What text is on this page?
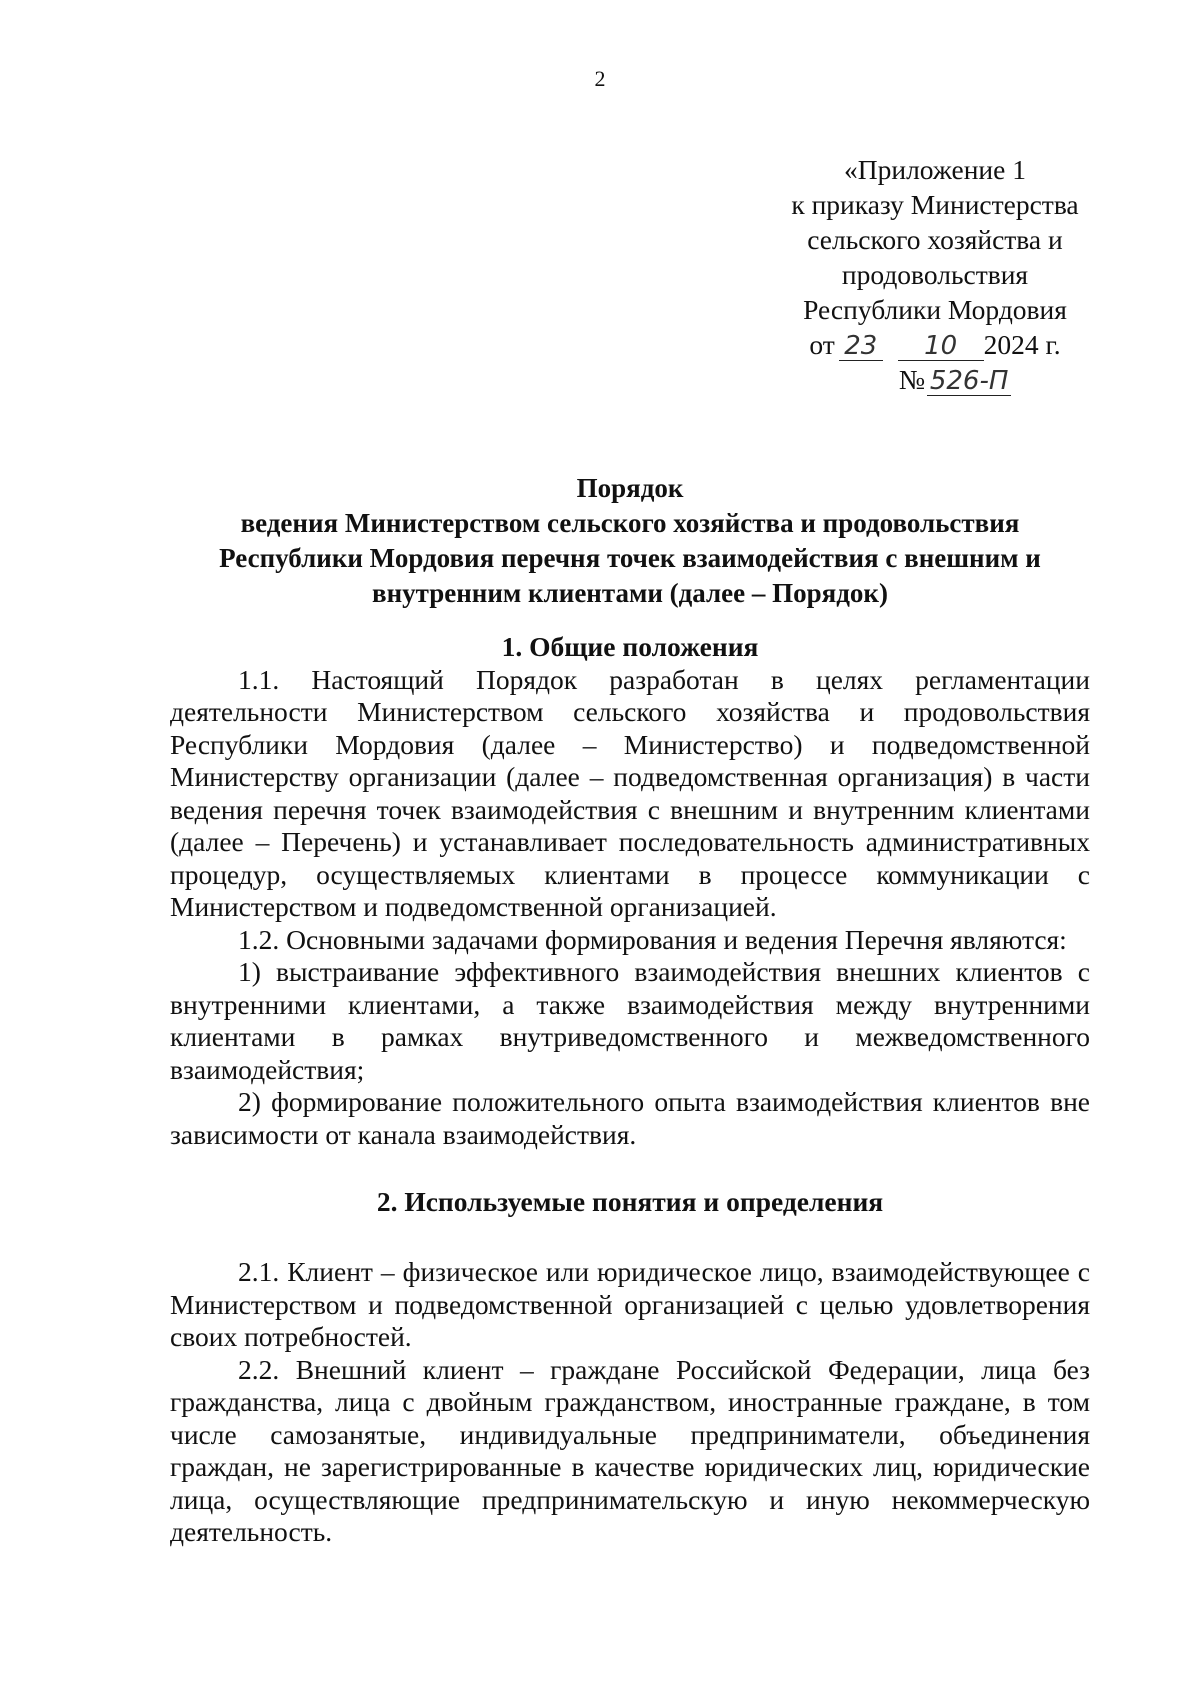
2
«Приложение 1
к приказу Министерства
сельского хозяйства и
продовольствия
Республики Мордовия
от 23 10 2024 г.
№ 526-П
Порядок
ведения Министерством сельского хозяйства и продовольствия
Республики Мордовия перечня точек взаимодействия с внешним и
внутренним клиентами (далее – Порядок)
1. Общие положения

1.1. Настоящий Порядок разработан в целях регламентации деятельности Министерством сельского хозяйства и продовольствия Республики Мордовия (далее – Министерство) и подведомственной Министерству организации (далее – подведомственная организация) в части ведения перечня точек взаимодействия с внешним и внутренним клиентами (далее – Перечень) и устанавливает последовательность административных процедур, осуществляемых клиентами в процессе коммуникации с Министерством и подведомственной организацией.

1.2. Основными задачами формирования и ведения Перечня являются:

1) выстраивание эффективного взаимодействия внешних клиентов с внутренними клиентами, а также взаимодействия между внутренними клиентами в рамках внутриведомственного и межведомственного взаимодействия;

2) формирование положительного опыта взаимодействия клиентов вне зависимости от канала взаимодействия.

2. Используемые понятия и определения

2.1. Клиент – физическое или юридическое лицо, взаимодействующее с Министерством и подведомственной организацией с целью удовлетворения своих потребностей.

2.2. Внешний клиент – граждане Российской Федерации, лица без гражданства, лица с двойным гражданством, иностранные граждане, в том числе самозанятые, индивидуальные предприниматели, объединения граждан, не зарегистрированные в качестве юридических лиц, юридические лица, осуществляющие предпринимательскую и иную некоммерческую деятельность.
